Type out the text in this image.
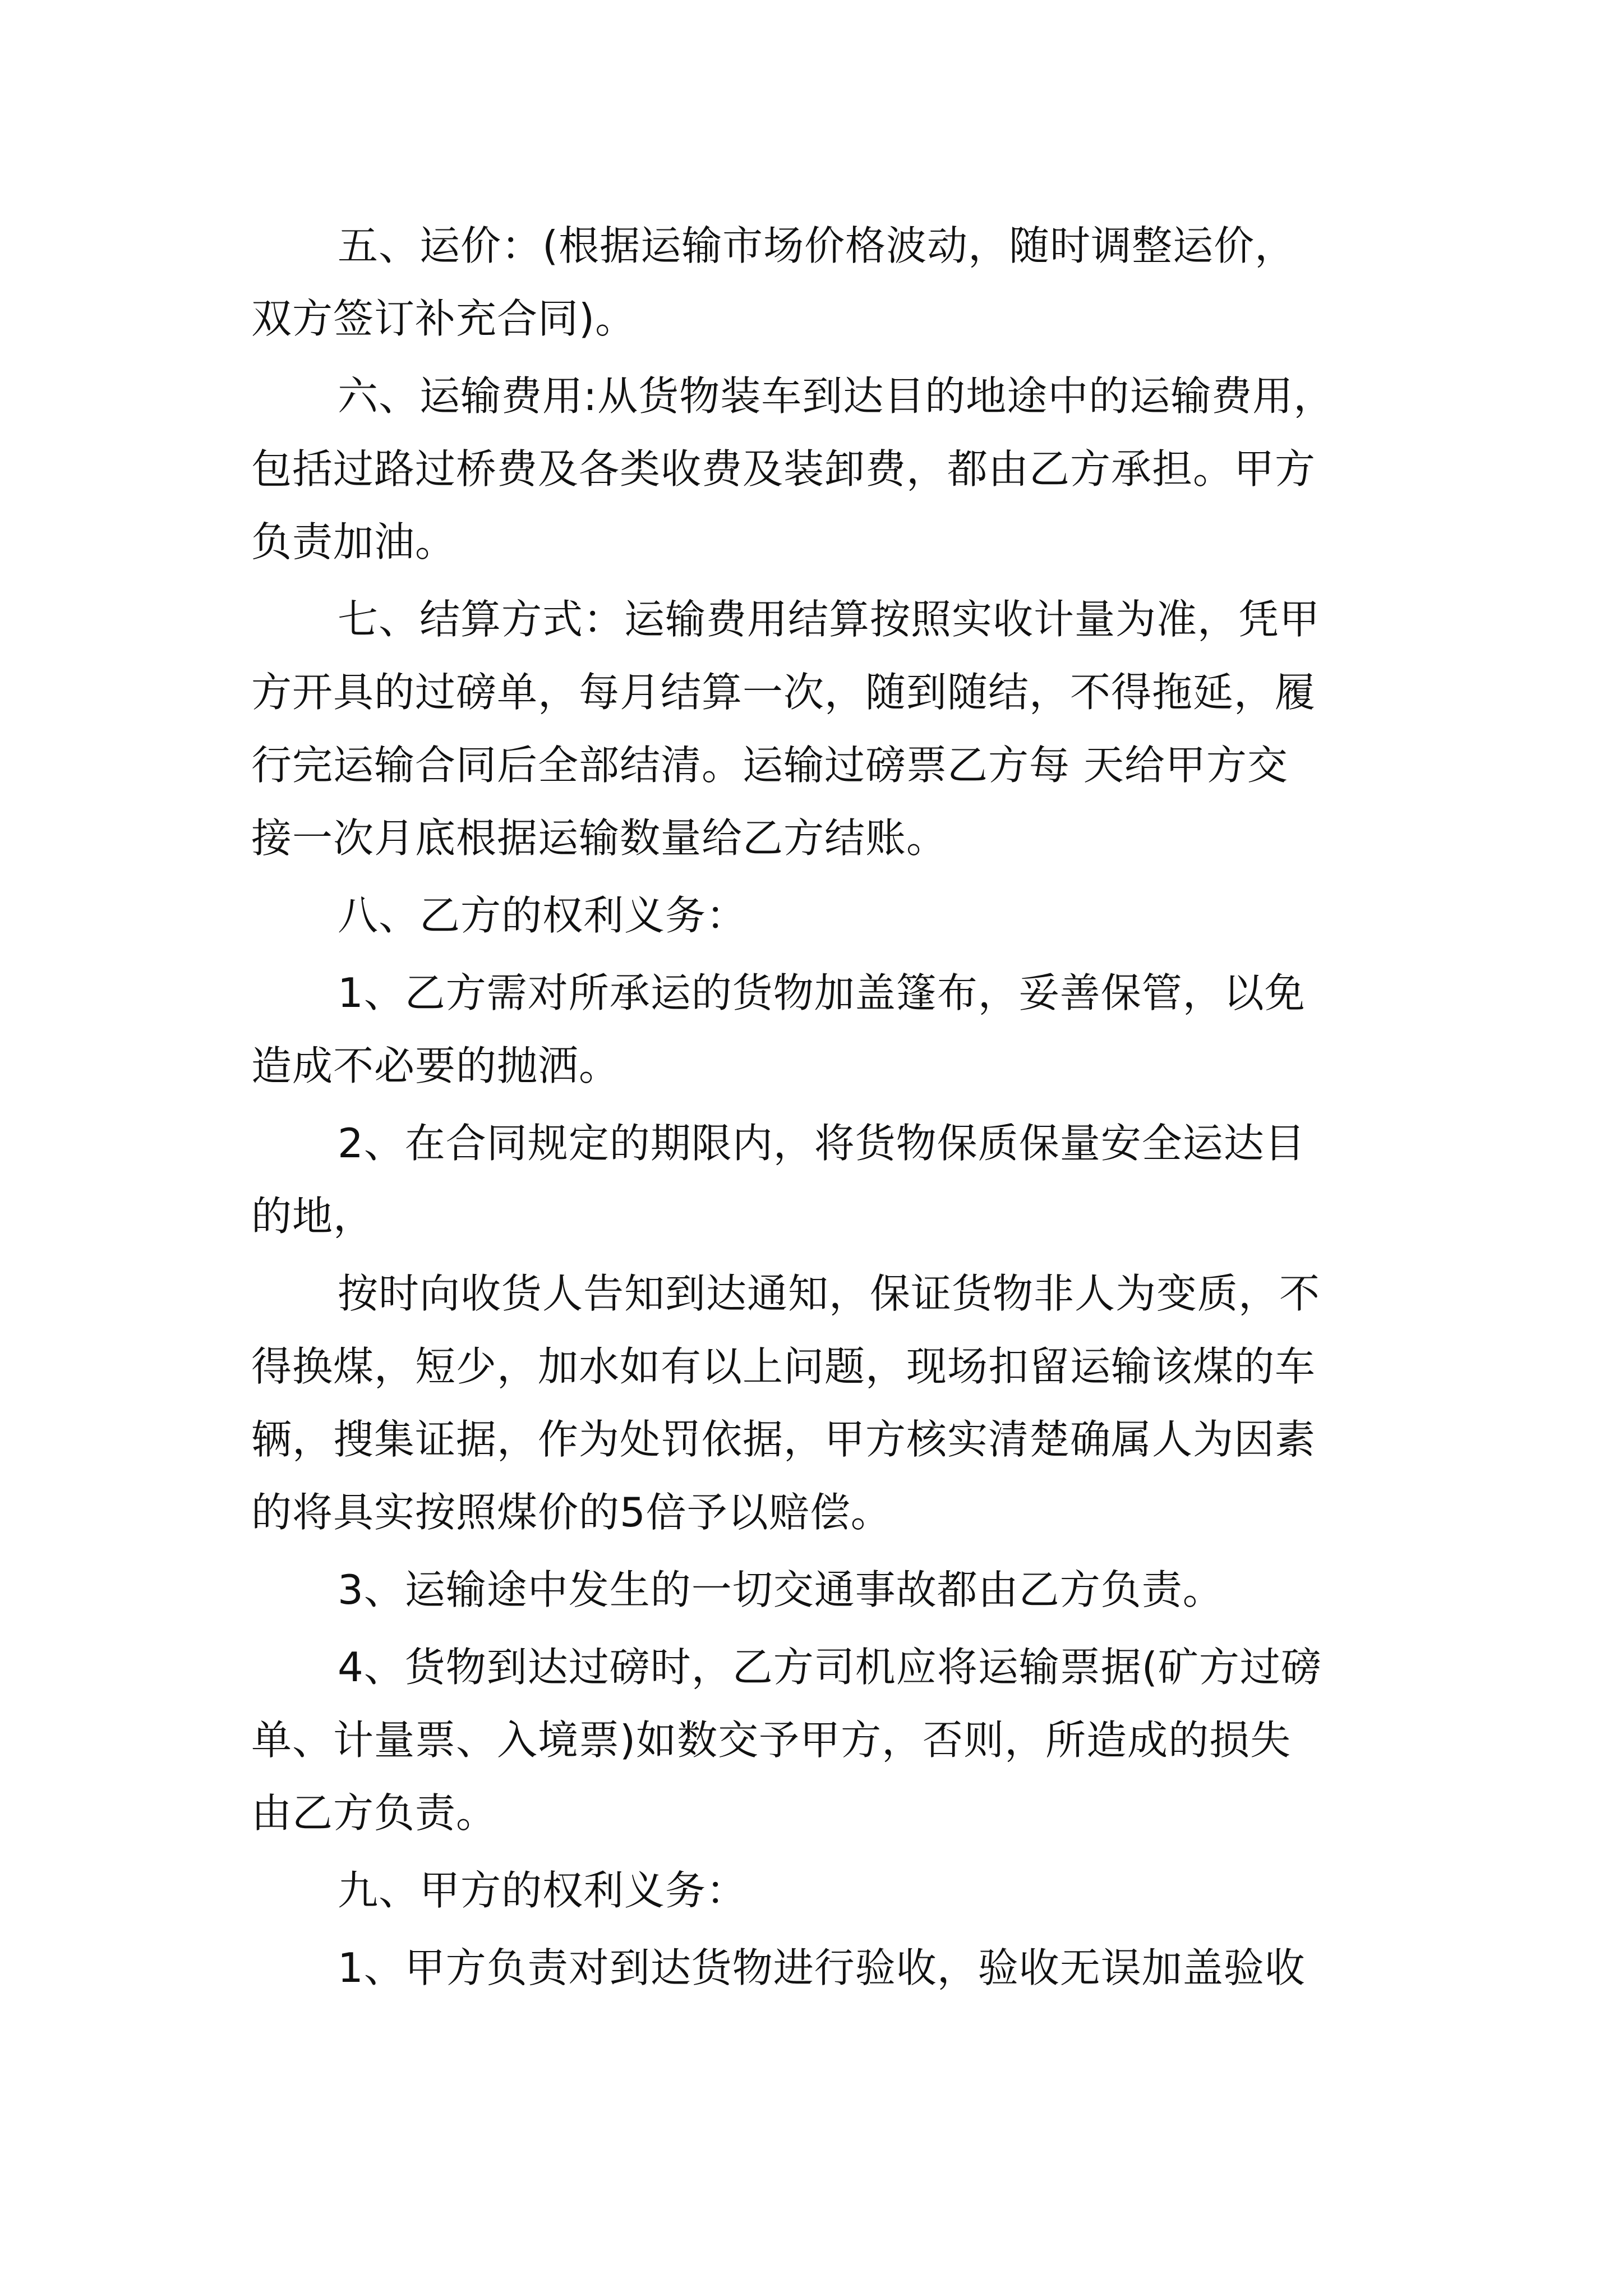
五、运价：(根据运输市场价格波动，随时调整运价，
双方签订补充合同)。
六、运输费用:从货物装车到达目的地途中的运输费用，
包括过路过桥费及各类收费及装卸费，都由乙方承担。甲方
负责加油。
七、结算方式：运输费用结算按照实收计量为准，凭甲
方开具的过磅单，每月结算一次，随到随结，不得拖延，履
行完运输合同后全部结清。运输过磅票乙方每 天给甲方交
接一次月底根据运输数量给乙方结账。
八、乙方的权利义务：
1、乙方需对所承运的货物加盖篷布，妥善保管，以免
造成不必要的抛洒。
2、在合同规定的期限内，将货物保质保量安全运达目
的地，
按时向收货人告知到达通知，保证货物非人为变质，不
得换煤，短少，加水如有以上问题，现场扣留运输该煤的车
辆，搜集证据，作为处罚依据，甲方核实清楚确属人为因素
的将具实按照煤价的5倍予以赔偿。
3、运输途中发生的一切交通事故都由乙方负责。
4、货物到达过磅时，乙方司机应将运输票据(矿方过磅
单、计量票、入境票)如数交予甲方，否则，所造成的损失
由乙方负责。
九、甲方的权利义务：
1、甲方负责对到达货物进行验收，验收无误加盖验收
